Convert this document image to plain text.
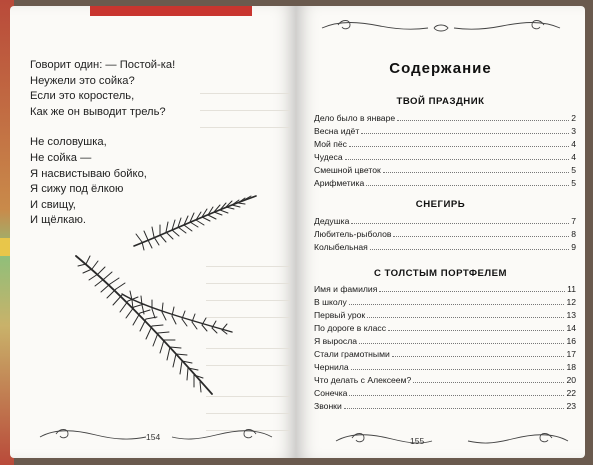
Говорит один: — Постой-ка!
Неужели это сойка?
Если это коростель,
Как же он выводит трель?
Не соловушка,
Не сойка —
Я насвистываю бойко,
Я сижу под ёлкою
И свищу,
И щёлкаю.
154
Содержание
ТВОЙ ПРАЗДНИК
Дело было в январе	2
Весна идёт	3
Мой пёс	4
Чудеса	4
Смешной цветок	5
Арифметика	5
СНЕГИРЬ
Дедушка	7
Любитель-рыболов	8
Колыбельная	9
С ТОЛСТЫМ ПОРТФЕЛЕМ
Имя и фамилия	11
В школу	12
Первый урок	13
По дороге в класс	14
Я выросла	16
Стали грамотными	17
Чернила	18
Что делать с Алексеем?	20
Сонечка	22
Звонки	23
155
